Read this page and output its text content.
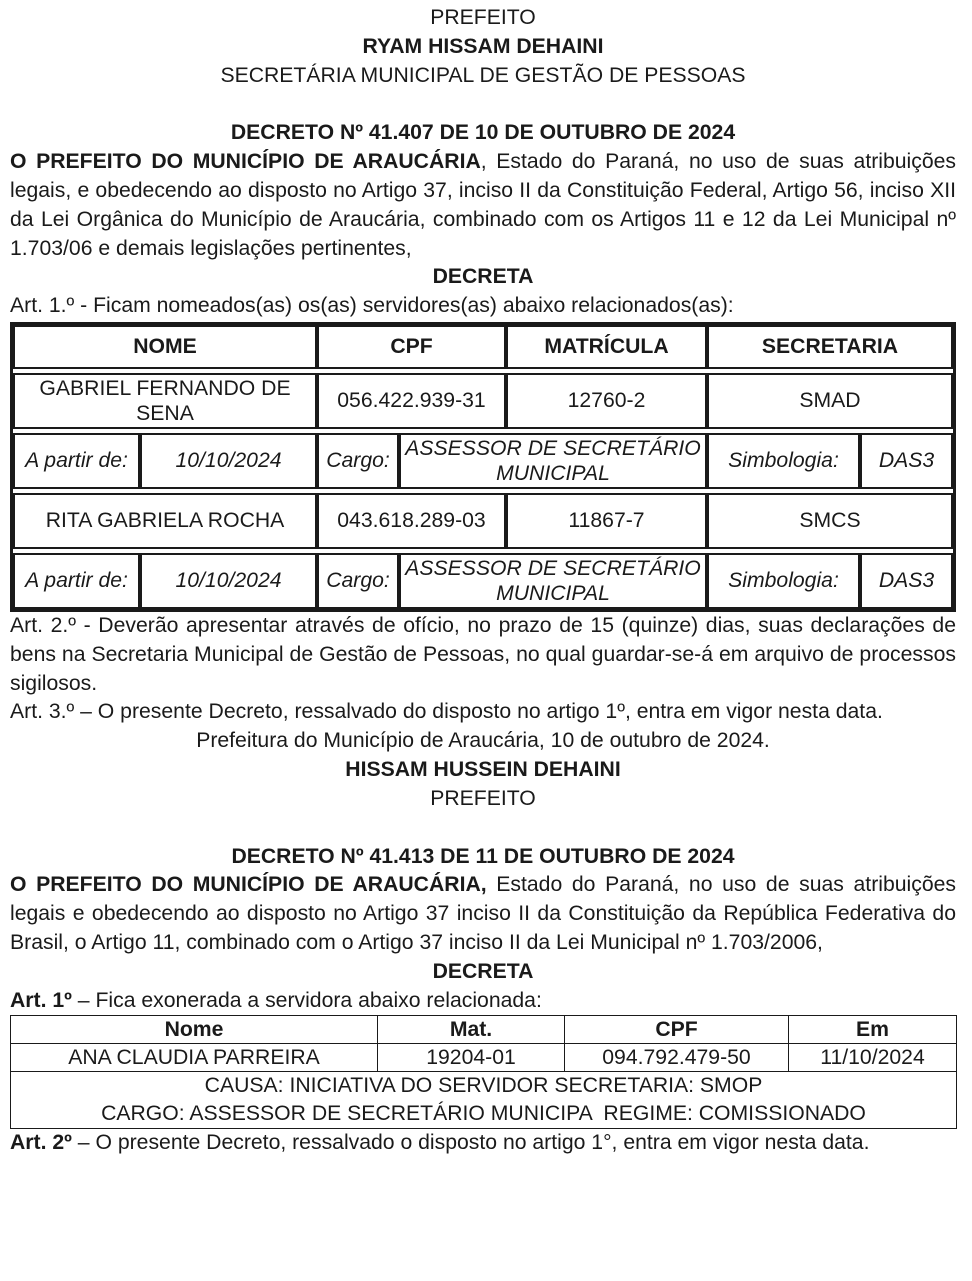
PREFEITO

RYAM HISSAM DEHAINI

SECRETÁRIA MUNICIPAL DE GESTÃO DE PESSOAS

DECRETO Nº 41.407 DE 10 DE OUTUBRO DE 2024

O PREFEITO DO MUNICÍPIO DE ARAUCÁRIA, Estado do Paraná, no uso de suas atribuições legais, e obedecendo ao disposto no Artigo 37, inciso II da Constituição Federal, Artigo 56, inciso XII da Lei Orgânica do Município de Araucária, combinado com os Artigos 11 e 12 da Lei Municipal nº 1.703/06 e demais legislações pertinentes,

DECRETA

Art. 1.º - Ficam nomeados(as) os(as) servidores(as) abaixo relacionados(as):

NOME		CPF		MATRÍCULA	SECRETARIA	

GABRIEL FERNANDO DE SENA		056.422.939-31		12760-2	SMAD	

A partir de:	10/10/2024	Cargo:	ASSESSOR DE SECRETÁRIO MUNICIPAL		Simbologia:	DAS3

RITA GABRIELA ROCHA		043.618.289-03		11867-7	SMCS	

A partir de:	10/10/2024	Cargo:	ASSESSOR DE SECRETÁRIO MUNICIPAL		Simbologia:	DAS3

Art. 2.º - Deverão apresentar através de ofício, no prazo de 15 (quinze) dias, suas declarações de bens na Secretaria Municipal de Gestão de Pessoas, no qual guardar-se-á em arquivo de processos sigilosos.

Art. 3.º – O presente Decreto, ressalvado do disposto no artigo 1º, entra em vigor nesta data.

Prefeitura do Município de Araucária, 10 de outubro de 2024.

HISSAM HUSSEIN DEHAINI

PREFEITO

DECRETO Nº 41.413 DE 11 DE OUTUBRO DE 2024

O PREFEITO DO MUNICÍPIO DE ARAUCÁRIA, Estado do Paraná, no uso de suas atribuições legais e obedecendo ao disposto no Artigo 37 inciso II da Constituição da República Federativa do Brasil, o Artigo 11, combinado com o Artigo 37 inciso II da Lei Municipal nº 1.703/2006,

DECRETA

Art. 1º – Fica exonerada a servidora abaixo relacionada:

Nome	Mat.	CPF	Em
ANA CLAUDIA PARREIRA	19204-01	094.792.479-50	11/10/2024

CAUSA: INICIATIVA DO SERVIDOR SECRETARIA: SMOP
CARGO: ASSESSOR DE SECRETÁRIO MUNICIPA  REGIME: COMISSIONADO			

Art. 2º – O presente Decreto, ressalvado o disposto no artigo 1°, entra em vigor nesta data.
